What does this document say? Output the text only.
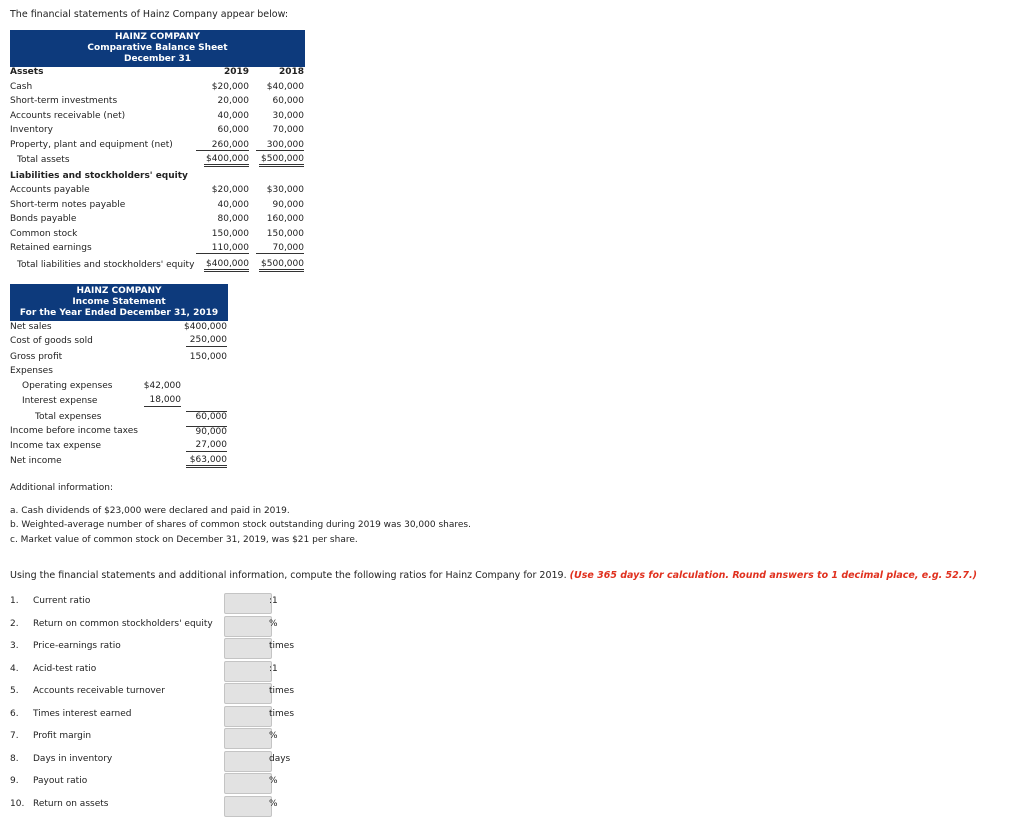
The financial statements of Hainz Company appear below:
HAINZ COMPANY
Comparative Balance Sheet
December 31
Assets	2019	2018
Cash	$20,000	$40,000
Short-term investments	20,000	60,000
Accounts receivable (net)	40,000	30,000
Inventory	60,000	70,000
Property, plant and equipment (net)	260,000	300,000
Total assets	$400,000 $500,000
Liabilities and stockholders' equity
Accounts payable	$20,000	$30,000
Short-term notes payable	40,000	90,000
Bonds payable	80,000	160,000
Common stock	150,000	150,000
Retained earnings	110,000	70,000
Total liabilities and stockholders' equity $400,000 $500,000
HAINZ COMPANY
Income Statement
For the Year Ended December 31, 2019
Net sales	$400,000
Cost of goods sold	250,000
Gross profit	150,000
Expenses
Operating expenses	$42,000
Interest expense	18,000
Total expenses	60,000
Income before income taxes	90,000
Income tax expense	27,000
Net income	$63,000
Additional information:
a. Cash dividends of $23,000 were declared and paid in 2019.
b. Weighted-average number of shares of common stock outstanding during 2019 was 30,000 shares.
c. Market value of common stock on December 31, 2019, was $21 per share.
Using the financial statements and additional information, compute the following ratios for Hainz Company for 2019. (Use 365 days for calculation. Round answers to 1 decimal place, e.g. 52.7.)
1. Current ratio	:1
2. Return on common stockholders' equity	%
3. Price-earnings ratio	times
4. Acid-test ratio	:1
5. Accounts receivable turnover	times
6. Times interest earned	times
7. Profit margin	%
8. Days in inventory	days
9. Payout ratio	%
10. Return on assets	%
